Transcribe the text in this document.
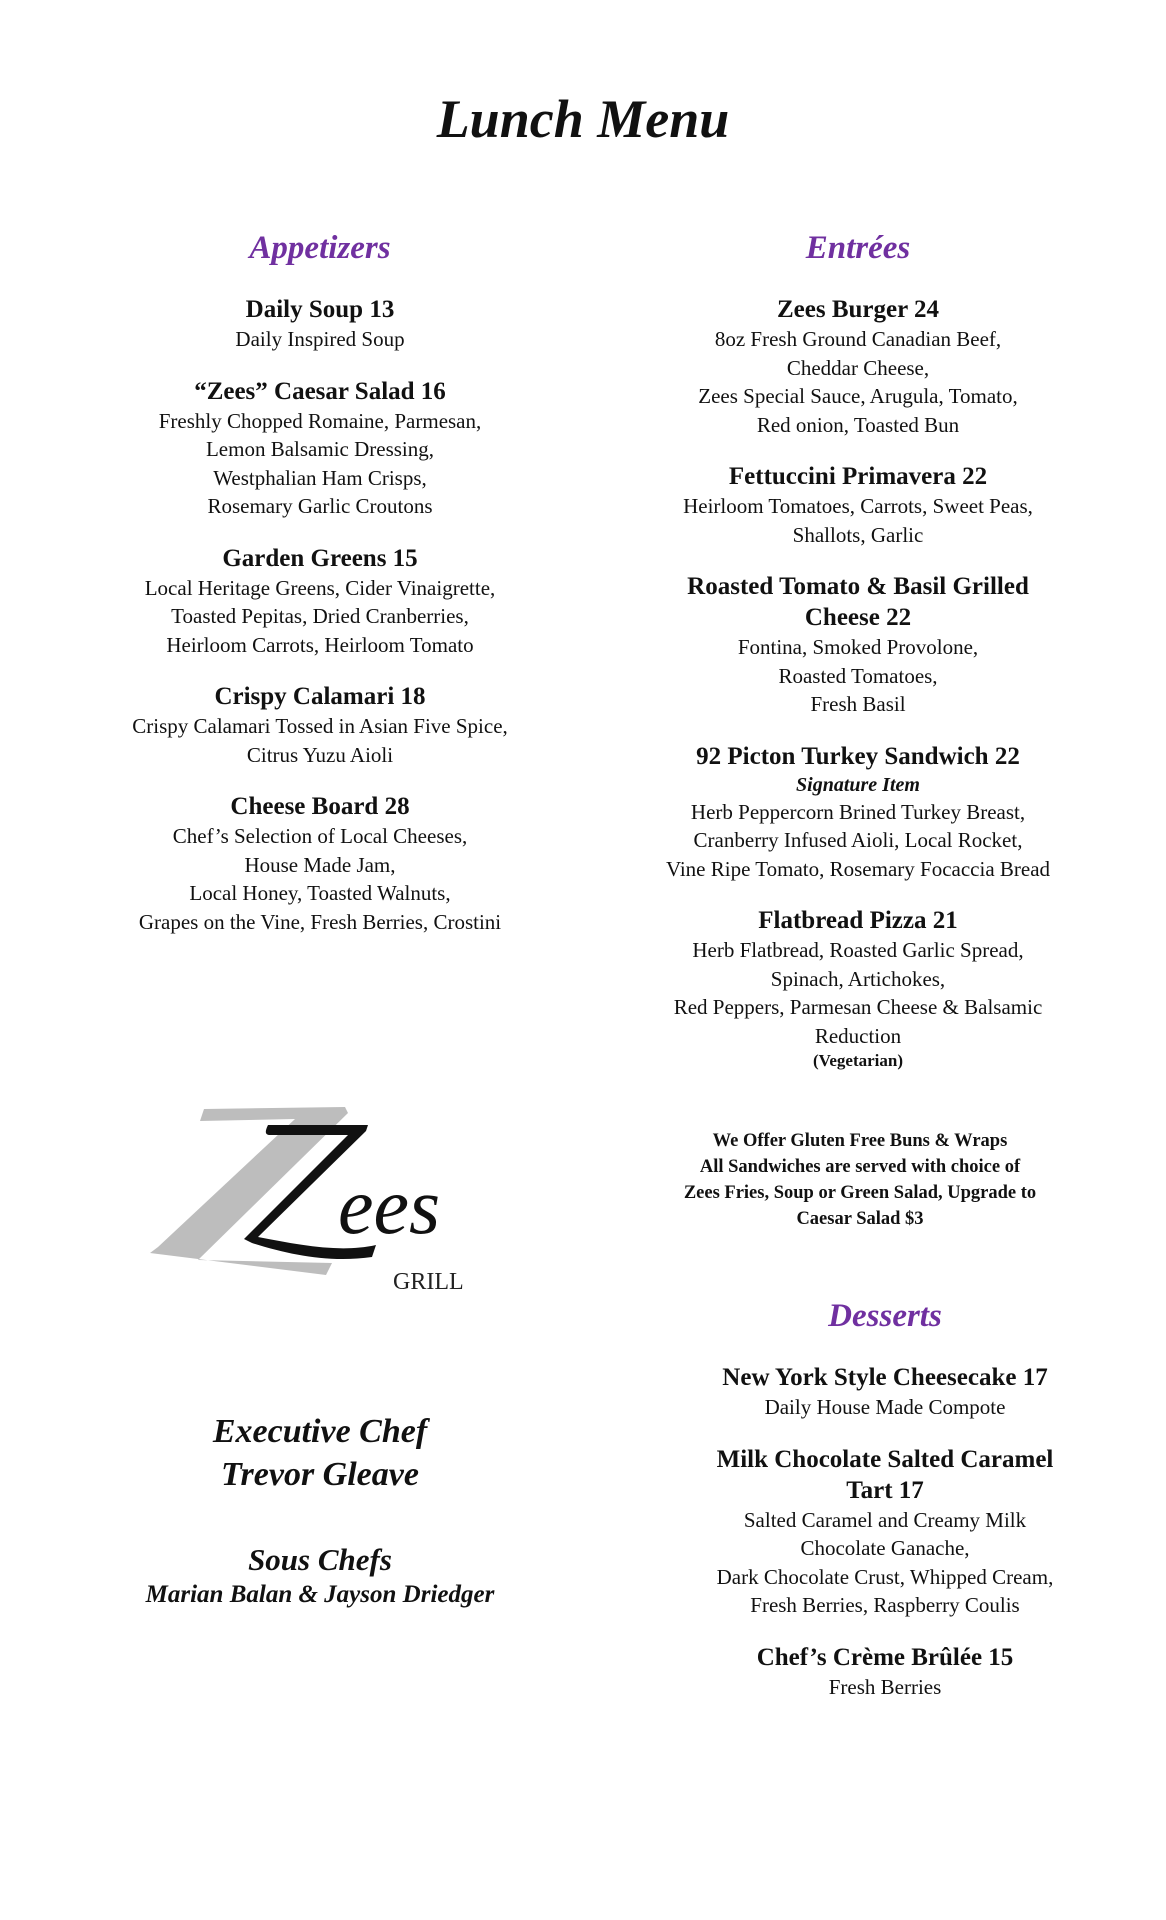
Lunch Menu
Appetizers
Daily Soup 13
Daily Inspired Soup
“Zees” Caesar Salad 16
Freshly Chopped Romaine, Parmesan,
Lemon Balsamic Dressing,
Westphalian Ham Crisps,
Rosemary Garlic Croutons
Garden Greens 15
Local Heritage Greens, Cider Vinaigrette,
Toasted Pepitas, Dried Cranberries,
Heirloom Carrots, Heirloom Tomato
Crispy Calamari 18
Crispy Calamari Tossed in Asian Five Spice,
Citrus Yuzu Aioli
Cheese Board 28
Chef’s Selection of Local Cheeses,
House Made Jam,
Local Honey, Toasted Walnuts,
Grapes on the Vine, Fresh Berries, Crostini
Entrées
Zees Burger 24
8oz Fresh Ground Canadian Beef,
Cheddar Cheese,
Zees Special Sauce, Arugula, Tomato,
Red onion, Toasted Bun
Fettuccini Primavera 22
Heirloom Tomatoes, Carrots, Sweet Peas,
Shallots, Garlic
Roasted Tomato & Basil Grilled
Cheese 22
Fontina, Smoked Provolone,
Roasted Tomatoes,
Fresh Basil
92 Picton Turkey Sandwich 22
Signature Item
Herb Peppercorn Brined Turkey Breast,
Cranberry Infused Aioli, Local Rocket,
Vine Ripe Tomato, Rosemary Focaccia Bread
Flatbread Pizza 21
Herb Flatbread, Roasted Garlic Spread,
Spinach, Artichokes,
Red Peppers, Parmesan Cheese & Balsamic
Reduction
(Vegetarian)
We Offer Gluten Free Buns & Wraps
All Sandwiches are served with choice of
Zees Fries, Soup or Green Salad, Upgrade to
Caesar Salad $3
Desserts
New York Style Cheesecake 17
Daily House Made Compote
Milk Chocolate Salted Caramel
Tart 17
Salted Caramel and Creamy Milk
Chocolate Ganache,
Dark Chocolate Crust, Whipped Cream,
Fresh Berries, Raspberry Coulis
Chef’s Crème Brûlée 15
Fresh Berries
ees
GRILL
Executive Chef
Trevor Gleave
Sous Chefs
Marian Balan & Jayson Driedger
